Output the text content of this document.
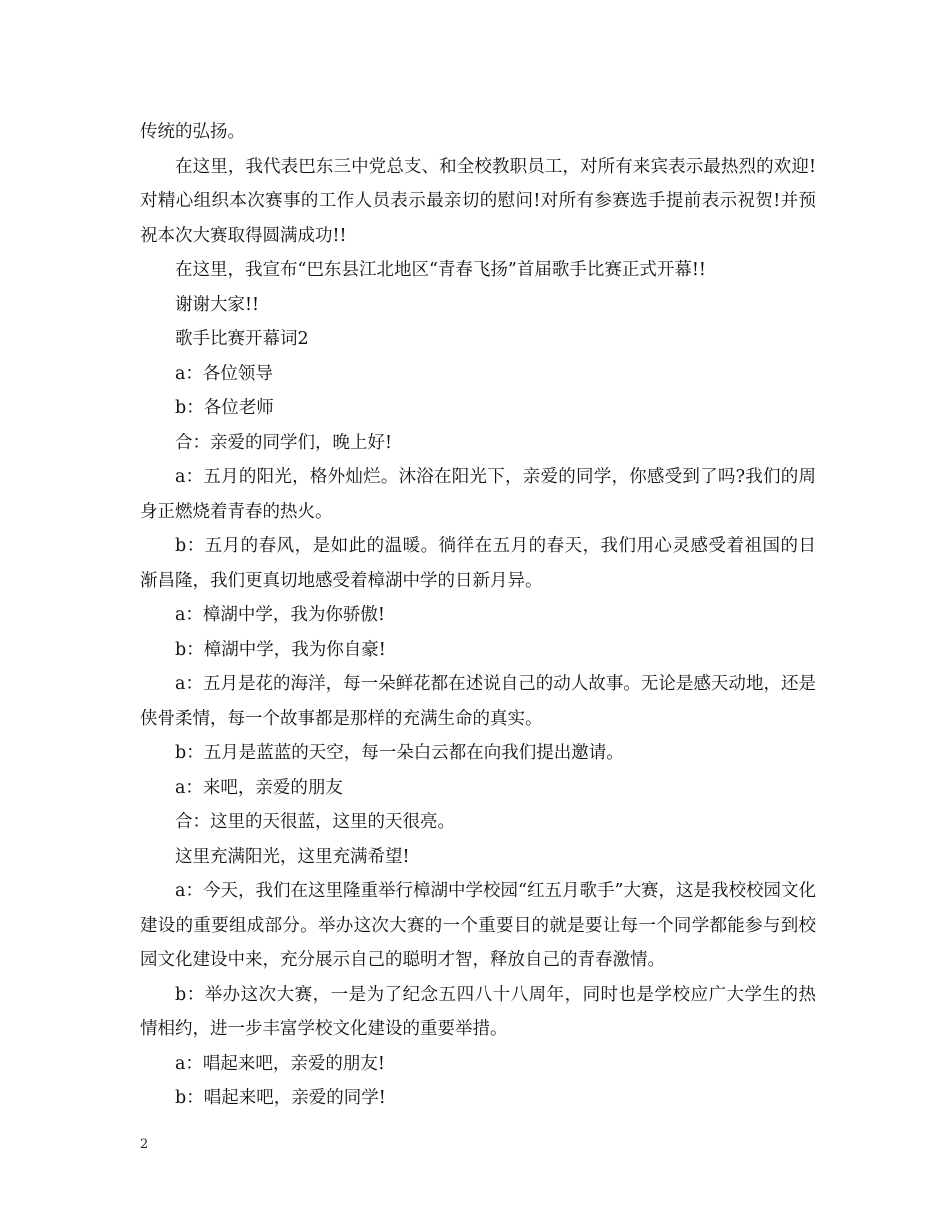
传统的弘扬。

在这里，我代表巴东三中党总支、和全校教职员工，对所有来宾表示最热烈的欢迎!对精心组织本次赛事的工作人员表示最亲切的慰问!对所有参赛选手提前表示祝贺!并预祝本次大赛取得圆满成功!!

在这里，我宣布“巴东县江北地区“青春飞扬”首届歌手比赛正式开幕!!

谢谢大家!!

歌手比赛开幕词2

a：各位领导

b：各位老师

合：亲爱的同学们，晚上好!

a：五月的阳光，格外灿烂。沐浴在阳光下，亲爱的同学，你感受到了吗?我们的周身正燃烧着青春的热火。

b：五月的春风，是如此的温暖。徜徉在五月的春天，我们用心灵感受着祖国的日渐昌隆，我们更真切地感受着樟湖中学的日新月异。

a：樟湖中学，我为你骄傲!

b：樟湖中学，我为你自豪!

a：五月是花的海洋，每一朵鲜花都在述说自己的动人故事。无论是感天动地，还是侠骨柔情，每一个故事都是那样的充满生命的真实。

b：五月是蓝蓝的天空，每一朵白云都在向我们提出邀请。

a：来吧，亲爱的朋友

合：这里的天很蓝，这里的天很亮。

这里充满阳光，这里充满希望!

a：今天，我们在这里隆重举行樟湖中学校园“红五月歌手”大赛，这是我校校园文化建设的重要组成部分。举办这次大赛的一个重要目的就是要让每一个同学都能参与到校园文化建设中来，充分展示自己的聪明才智，释放自己的青春激情。

b：举办这次大赛，一是为了纪念五四八十八周年，同时也是学校应广大学生的热情相约，进一步丰富学校文化建设的重要举措。

a：唱起来吧，亲爱的朋友!

b：唱起来吧，亲爱的同学!

2
